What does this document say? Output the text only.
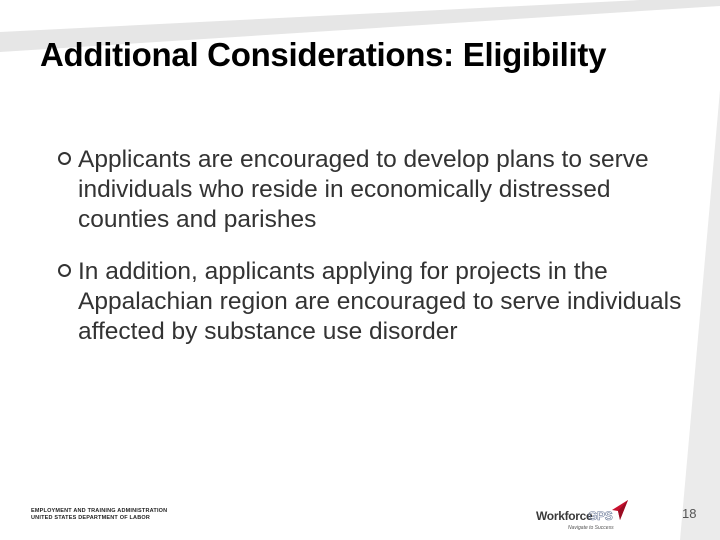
Additional Considerations: Eligibility
Applicants are encouraged to develop plans to serve individuals who reside in economically distressed counties and parishes
In addition, applicants applying for projects in the Appalachian region are encouraged to serve individuals affected by substance use disorder
EMPLOYMENT AND TRAINING ADMINISTRATION
UNITED STATES DEPARTMENT OF LABOR	Workforce
GPS
Navigate to Success
18
